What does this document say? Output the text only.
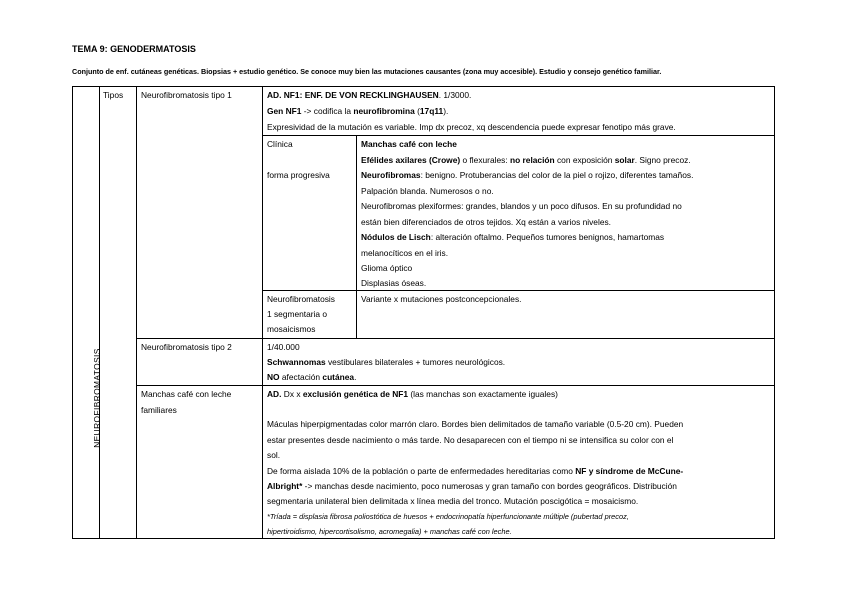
TEMA 9: GENODERMATOSIS
Conjunto de enf. cutáneas genéticas. Biopsias + estudio genético. Se conoce muy bien las mutaciones causantes (zona muy accesible). Estudio y consejo genético familiar.
NEUROFIBROMATOSIS
Tipos Neurofibromatosis tipo 1	AD. NF1: ENF. DE VON RECKLINGHAUSEN. 1/3000.
Gen NF1 -> codifica la neurofibromina (17q11).
Expresividad de la mutación es variable. Imp dx precoz, xq descendencia puede expresar fenotipo más grave.
Clínica
forma progresiva
Manchas café con leche
Efélides axilares (Crowe) o flexurales: no relación con exposición solar. Signo precoz.
Neurofibromas: benigno. Protuberancias del color de la piel o rojizo, diferentes tamaños.
Palpación blanda. Numerosos o no.
Neurofibromas plexiformes: grandes, blandos y un poco difusos. En su profundidad no
están bien diferenciados de otros tejidos. Xq están a varios niveles.
Nódulos de Lisch: alteración oftalmo. Pequeños tumores benignos, hamartomas
melanocíticos en el iris.
Glioma óptico
Displasias óseas.
Neurofibromatosis
1 segmentaria o
mosaicismos
Variante x mutaciones postconcepcionales.
Neurofibromatosis tipo 2	1/40.000
Schwannomas vestibulares bilaterales + tumores neurológicos.
NO afectación cutánea.
Manchas café con leche
familiares
AD. Dx x exclusión genética de NF1 (las manchas son exactamente iguales)
Máculas hiperpigmentadas color marrón claro. Bordes bien delimitados de tamaño variable (0.5-20 cm). Pueden
estar presentes desde nacimiento o más tarde. No desaparecen con el tiempo ni se intensifica su color con el
sol.
De forma aislada 10% de la población o parte de enfermedades hereditarias como NF y síndrome de McCune-
Albright* -> manchas desde nacimiento, poco numerosas y gran tamaño con bordes geográficos. Distribución
segmentaria unilateral bien delimitada x línea media del tronco. Mutación poscigótica = mosaicismo.
*Tríada = displasia fibrosa poliostótica de huesos + endocrinopatía hiperfuncionante múltiple (pubertad precoz,
hipertiroidismo, hipercortisolismo, acromegalia) + manchas café con leche.
